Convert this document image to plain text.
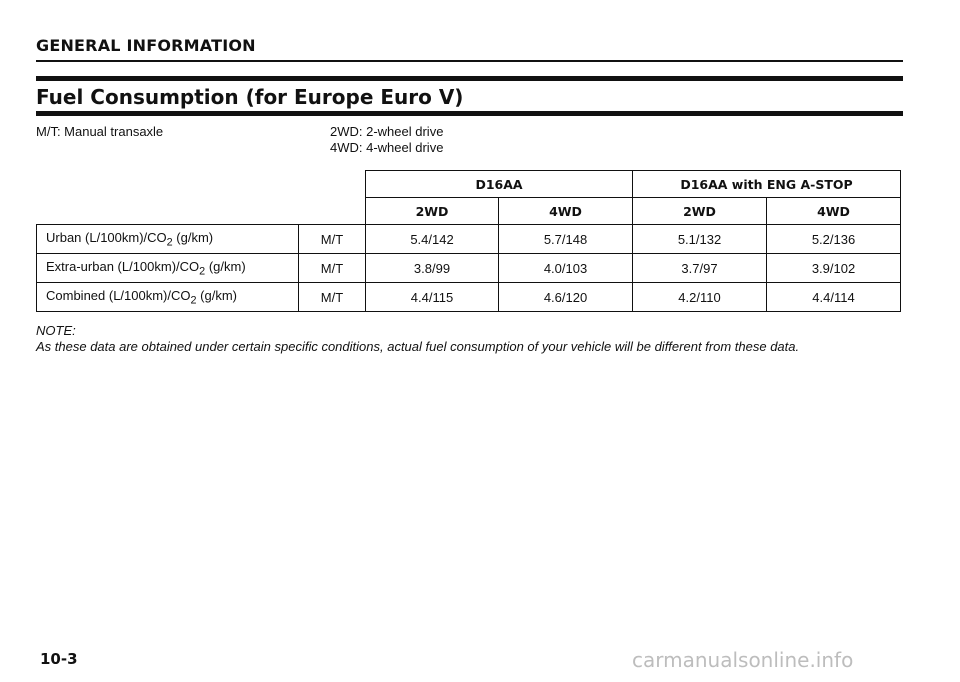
GENERAL INFORMATION
Fuel Consumption (for Europe Euro V)
M/T: Manual transaxle	2WD: 2-wheel drive
4WD: 4-wheel drive
D16AA		D16AA with ENG A-STOP	
2WD	4WD	2WD	4WD
Urban $(L/100km)/CO_2$ (g/km)	M/T	5.4/142	5.7/148	5.1/132	5.2/136
Extra-urban $(L/100km)/CO_2$ (g/km)	M/T	3.8/99	4.0/103	3.7/97	3.9/102
Combined $(L/100km)/CO_2$ (g/km)	M/T	4.4/115	4.6/120	4.2/110	4.4/114
NOTE:
As these data are obtained under certain specific conditions, actual fuel consumption of your vehicle will be different from these data.
10-3	carmanualsonline.info
